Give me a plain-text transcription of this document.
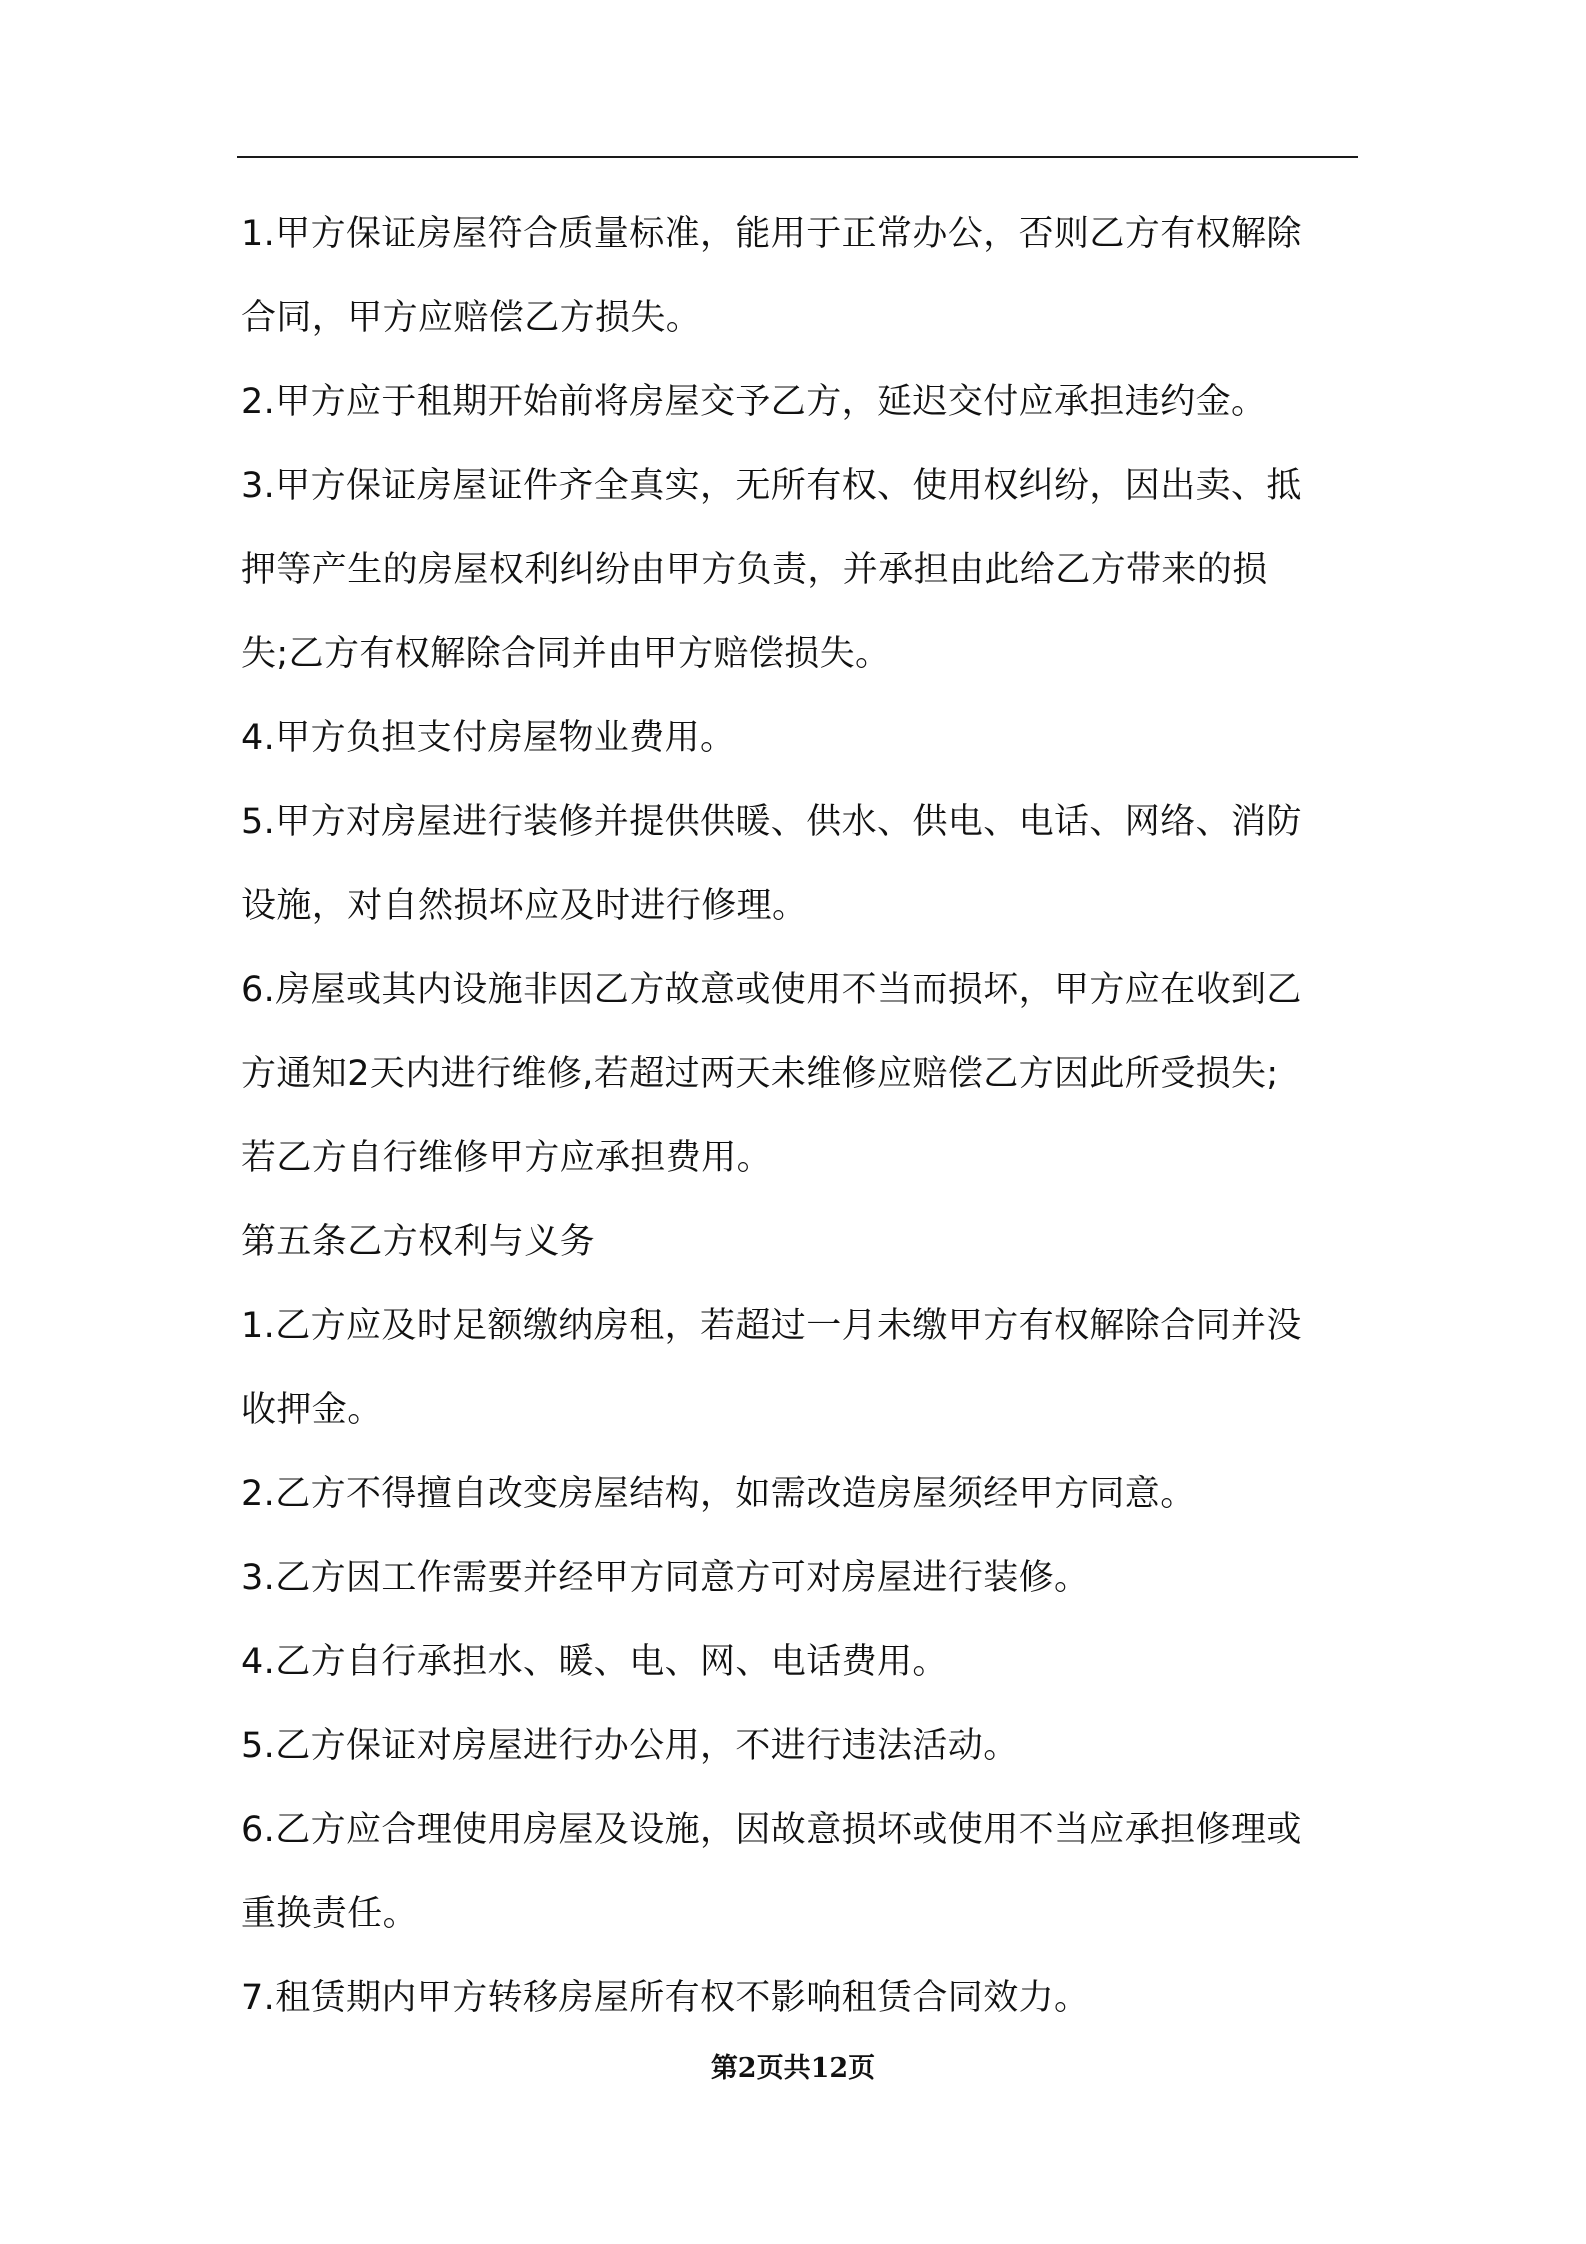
1.甲方保证房屋符合质量标准，能用于正常办公，否则乙方有权解除
合同，甲方应赔偿乙方损失。
2.甲方应于租期开始前将房屋交予乙方，延迟交付应承担违约金。
3.甲方保证房屋证件齐全真实，无所有权、使用权纠纷，因出卖、抵
押等产生的房屋权利纠纷由甲方负责，并承担由此给乙方带来的损
失;乙方有权解除合同并由甲方赔偿损失。
4.甲方负担支付房屋物业费用。
5.甲方对房屋进行装修并提供供暖、供水、供电、电话、网络、消防
设施，对自然损坏应及时进行修理。
6.房屋或其内设施非因乙方故意或使用不当而损坏，甲方应在收到乙
方通知2天内进行维修,若超过两天未维修应赔偿乙方因此所受损失;
若乙方自行维修甲方应承担费用。
第五条乙方权利与义务
1.乙方应及时足额缴纳房租，若超过一月未缴甲方有权解除合同并没
收押金。
2.乙方不得擅自改变房屋结构，如需改造房屋须经甲方同意。
3.乙方因工作需要并经甲方同意方可对房屋进行装修。
4.乙方自行承担水、暖、电、网、电话费用。
5.乙方保证对房屋进行办公用，不进行违法活动。
6.乙方应合理使用房屋及设施，因故意损坏或使用不当应承担修理或
重换责任。
7.租赁期内甲方转移房屋所有权不影响租赁合同效力。
第2页共12页
